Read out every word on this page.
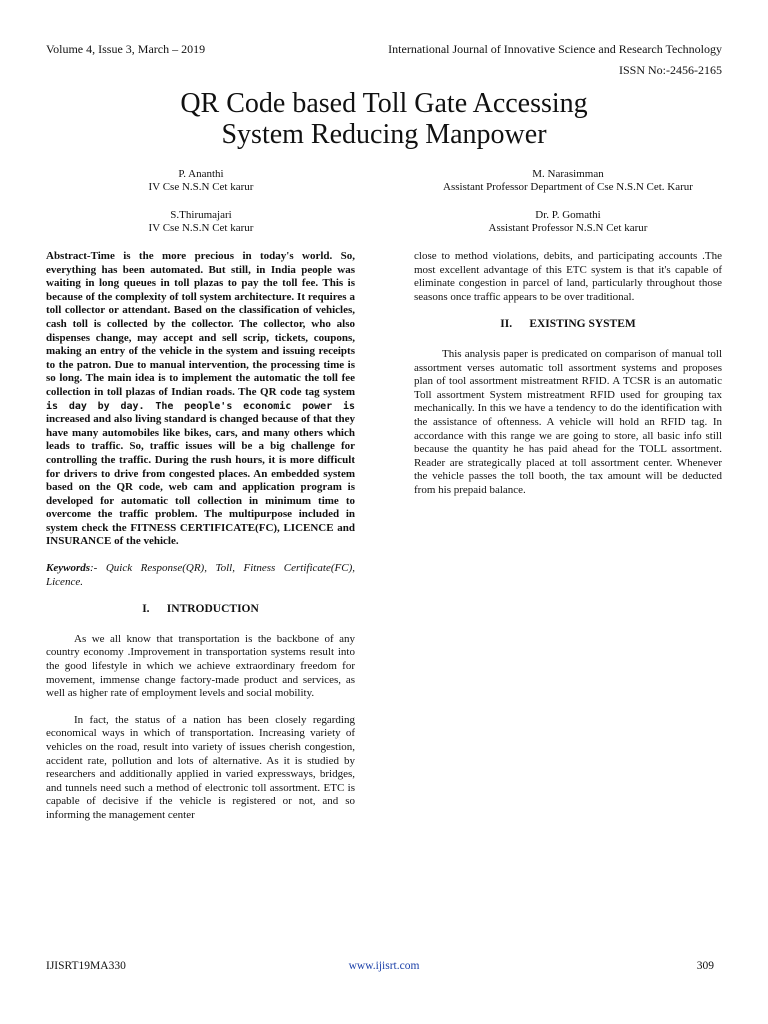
Volume 4, Issue 3, March – 2019	International Journal of Innovative Science and Research Technology
ISSN No:-2456-2165
QR Code based Toll Gate Accessing
System Reducing Manpower
P. Ananthi
IV Cse N.S.N Cet karur
M. Narasimman
Assistant Professor Department of Cse N.S.N Cet. Karur
S.Thirumajari
IV Cse N.S.N Cet karur
Dr. P. Gomathi
Assistant Professor N.S.N Cet karur

Abstract-Time is the more precious in today's world. So, everything has been automated. But still, in India people was waiting in long queues in toll plazas to pay the toll fee. This is because of the complexity of toll system architecture. It requires a toll collector or attendant. Based on the classification of vehicles, cash toll is collected by the collector. The collector, who also dispenses change, may accept and sell scrip, tickets, coupons, making an entry of the vehicle in the system and issuing receipts to the patron. Due to manual intervention, the processing time is so long. The main idea is to implement the automatic the toll fee collection in toll plazas of Indian roads. The QR code tag system is day by day. The people's economic power is increased and also living standard is changed because of that they have many automobiles like bikes, cars, and many others which leads to traffic. So, traffic issues will be a big challenge for controlling the traffic. During the rush hours, it is more difficult for drivers to drive from congested places. An embedded system based on the QR code, web cam and application program is developed for automatic toll collection in minimum time to overcome the traffic problem. The multipurpose included in system check the FITNESS CERTIFICATE(FC), LICENCE and INSURANCE of the vehicle.

Keywords:- Quick Response(QR), Toll, Fitness Certificate(FC), Licence.

I.      INTRODUCTION

As we all know that transportation is the backbone of any country economy .Improvement in transportation systems result into the good lifestyle in which we achieve extraordinary freedom for movement, immense change factory-made product and services, as well as higher rate of employment levels and social mobility.

In fact, the status of a nation has been closely regarding economical ways in which of transportation. Increasing variety of vehicles on the road, result into variety of issues cherish congestion, accident rate, pollution and lots of alternative. As it is studied by researchers and additionally applied in varied expressways, bridges, and tunnels need such a method of electronic toll assortment. ETC is capable of decisive if the vehicle is registered or not, and so informing the management center

close to method violations, debits, and participating accounts .The most excellent advantage of this ETC system is that it's capable of eliminate congestion in parcel of land, particularly throughout those seasons once traffic appears to be over traditional.

II.      EXISTING SYSTEM

This analysis paper is predicated on comparison of manual toll assortment verses automatic toll assortment systems and proposes plan of tool assortment mistreatment RFID. A TCSR is an automatic Toll assortment System mistreatment RFID used for grouping tax mechanically. In this we have a tendency to do the identification with the assistance of oftenness. A vehicle will hold an RFID tag. In accordance with this range we are going to store, all basic info still because the quantity he has paid ahead for the TOLL assortment. Reader are strategically placed at toll assortment center. Whenever the vehicle passes the toll booth, the tax amount will be deducted from his prepaid balance.

IJISRT19MA330	www.ijisrt.com	309
